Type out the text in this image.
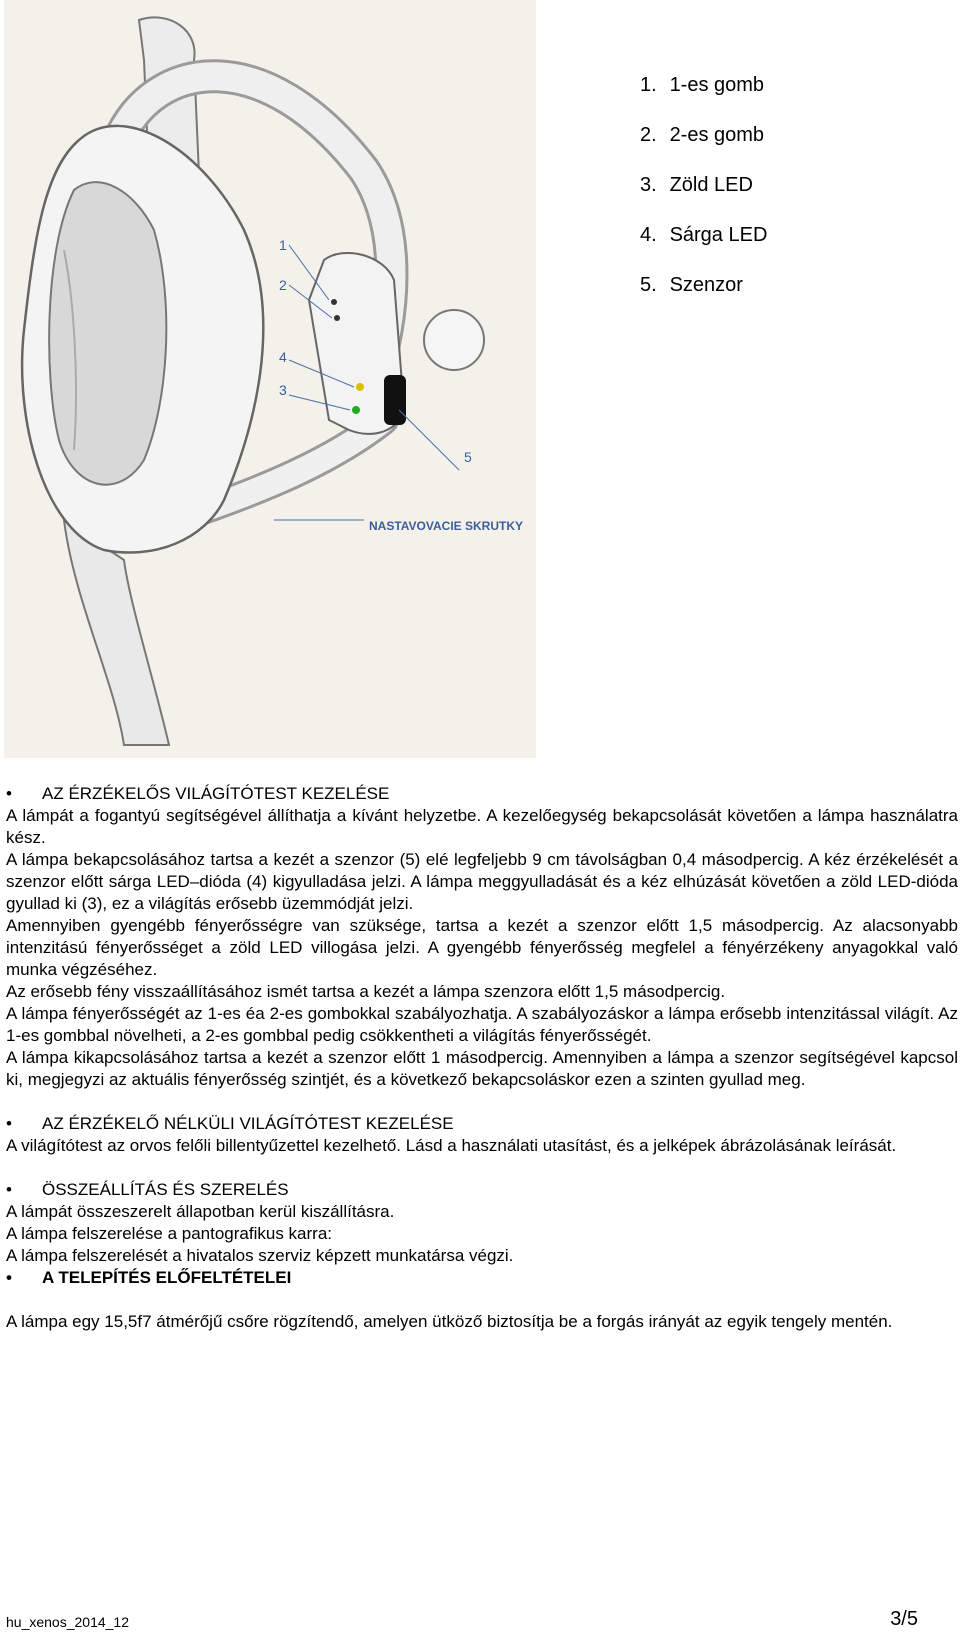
1
2
3
4
5
NASTAVOVACIE SKRUTKY
1. 1-es gomb
2. 2-es gomb
3. Zöld LED
4. Sárga LED
5. Szenzor

•	AZ ÉRZÉKELŐS VILÁGÍTÓTEST KEZELÉSE

A lámpát a fogantyú segítségével állíthatja a kívánt helyzetbe. A kezelőegység bekapcsolását követően a lámpa használatra kész.

A lámpa bekapcsolásához tartsa a kezét a szenzor (5) elé legfeljebb 9 cm távolságban 0,4 másodpercig. A kéz érzékelését a szenzor előtt sárga LED–dióda (4) kigyulladása jelzi. A lámpa meggyulladását és a kéz elhúzását követően a zöld LED-dióda gyullad ki (3), ez a világítás erősebb üzemmódját jelzi.

Amennyiben gyengébb fényerősségre van szüksége, tartsa a kezét a szenzor előtt 1,5 másodpercig. Az alacsonyabb intenzitású fényerősséget a zöld LED villogása jelzi. A gyengébb fényerősség megfelel a fényérzékeny anyagokkal való munka végzéséhez.

Az erősebb fény visszaállításához ismét tartsa a kezét a lámpa szenzora előtt 1,5 másodpercig.

A lámpa fényerősségét az 1-es éa 2-es gombokkal szabályozhatja. A szabályozáskor a lámpa erősebb intenzitással világít. Az 1-es gombbal növelheti, a 2-es gombbal pedig csökkentheti a világítás fényerősségét.

A lámpa kikapcsolásához tartsa a kezét a szenzor előtt 1 másodpercig. Amennyiben a lámpa a szenzor segítségével kapcsol ki, megjegyzi az aktuális fényerősség szintjét, és a következő bekapcsoláskor ezen a szinten gyullad meg.

•	AZ ÉRZÉKELŐ NÉLKÜLI VILÁGÍTÓTEST KEZELÉSE

A világítótest az orvos felőli billentyűzettel kezelhető. Lásd a használati utasítást, és a jelképek ábrázolásának leírását.

•	ÖSSZEÁLLÍTÁS ÉS SZERELÉS

A lámpát összeszerelt állapotban kerül kiszállításra.

A lámpa felszerelése a pantografikus karra:

A lámpa felszerelését a hivatalos szerviz képzett munkatársa végzi.

•	A TELEPÍTÉS ELŐFELTÉTELEI

A lámpa egy 15,5f7 átmérőjű csőre rögzítendő, amelyen ütköző biztosítja be a forgás irányát az egyik tengely mentén.

hu_xenos_2014_12	3/5
